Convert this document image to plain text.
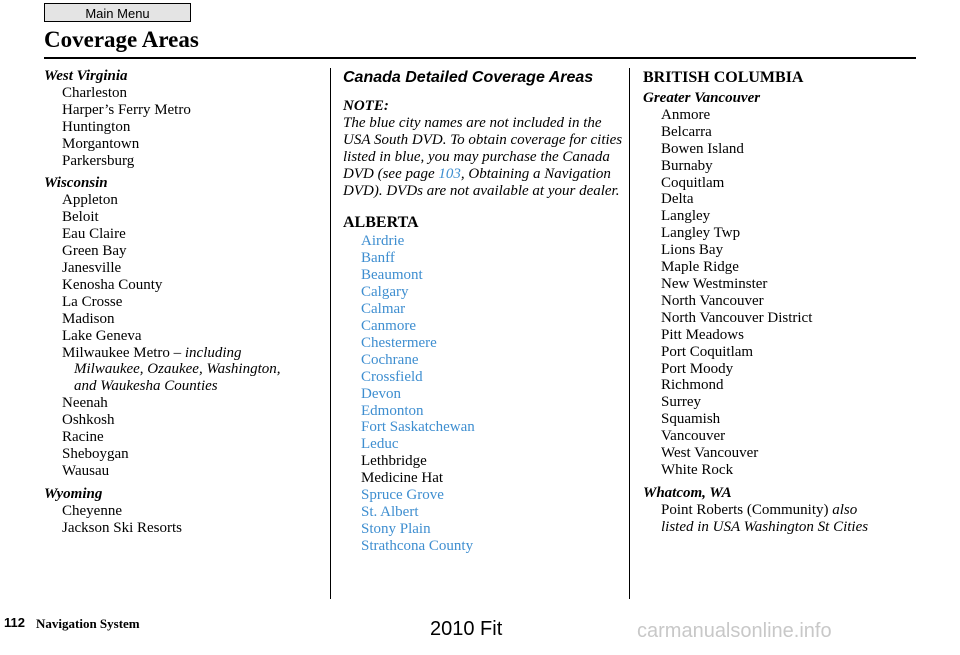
Main Menu
Coverage Areas
West Virginia
Charleston
Harper’s Ferry Metro
Huntington
Morgantown
Parkersburg
Wisconsin
Appleton
Beloit
Eau Claire
Green Bay
Janesville
Kenosha County
La Crosse
Madison
Lake Geneva
Milwaukee Metro – including
Milwaukee, Ozaukee, Washington,
and Waukesha Counties
Neenah
Oshkosh
Racine
Sheboygan
Wausau
Wyoming
Cheyenne
Jackson Ski Resorts
Canada Detailed Coverage Areas
NOTE:
The blue city names are not included in the USA South DVD. To obtain coverage for cities listed in blue, you may purchase the Canada DVD (see page 103, Obtaining a Navigation DVD). DVDs are not available at your dealer.
ALBERTA
Airdrie
Banff
Beaumont
Calgary
Calmar
Canmore
Chestermere
Cochrane
Crossfield
Devon
Edmonton
Fort Saskatchewan
Leduc
Lethbridge
Medicine Hat
Spruce Grove
St. Albert
Stony Plain
Strathcona County
BRITISH COLUMBIA
Greater Vancouver
Anmore
Belcarra
Bowen Island
Burnaby
Coquitlam
Delta
Langley
Langley Twp
Lions Bay
Maple Ridge
New Westminster
North Vancouver
North Vancouver District
Pitt Meadows
Port Coquitlam
Port Moody
Richmond
Surrey
Squamish
Vancouver
West Vancouver
White Rock
Whatcom, WA
Point Roberts (Community) also
listed in USA Washington St Cities
112 Navigation System	2010 Fit	carmanualsonline.info
